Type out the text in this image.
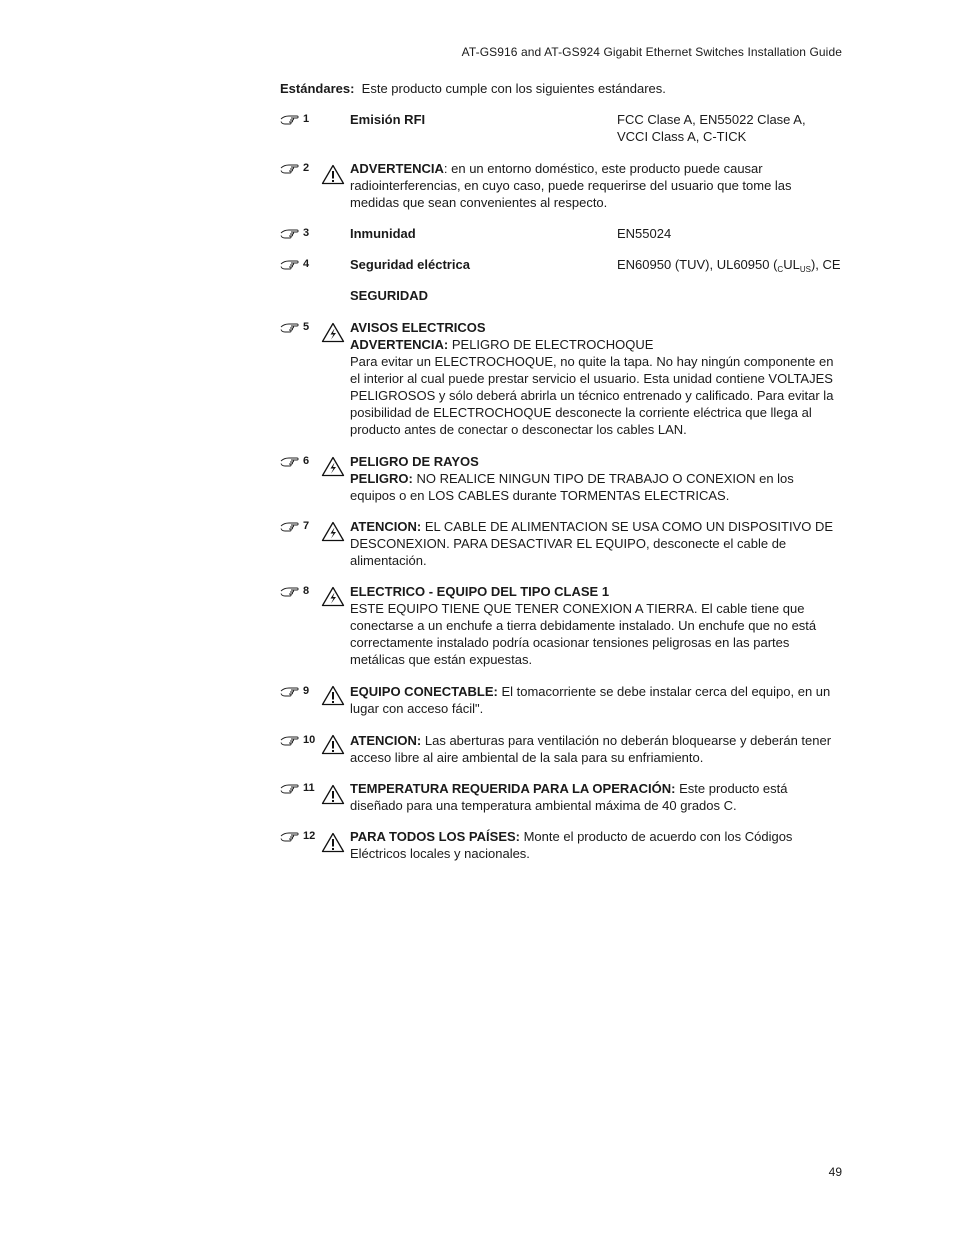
AT-GS916 and AT-GS924 Gigabit Ethernet Switches Installation Guide
Estándares: Este producto cumple con los siguientes estándares.
1	Emisión RFI	FCC Clase A, EN55022 Clase A,
VCCI Class A, C-TICK
2	ADVERTENCIA: en un entorno doméstico, este producto puede causar radiointerferencias, en cuyo caso, puede requerirse del usuario que tome las medidas que sean convenientes al respecto.
3	Inmunidad	EN55024
4	Seguridad eléctrica	EN60950 (TUV), UL60950 $(_CUL_{US})$, CE
SEGURIDAD
5	AVISOS ELECTRICOS
ADVERTENCIA: PELIGRO DE ELECTROCHOQUE
Para evitar un ELECTROCHOQUE, no quite la tapa. No hay ningún componente en el interior al cual puede prestar servicio el usuario. Esta unidad contiene VOLTAJES PELIGROSOS y sólo deberá abrirla un técnico entrenado y calificado. Para evitar la posibilidad de ELECTROCHOQUE desconecte la corriente eléctrica que llega al producto antes de conectar o desconectar los cables LAN.
6	PELIGRO DE RAYOS
PELIGRO: NO REALICE NINGUN TIPO DE TRABAJO O CONEXION en los equipos o en LOS CABLES durante TORMENTAS ELECTRICAS.
7	ATENCION: EL CABLE DE ALIMENTACION SE USA COMO UN DISPOSITIVO DE DESCONEXION. PARA DESACTIVAR EL EQUIPO, desconecte el cable de alimentación.
8	ELECTRICO - EQUIPO DEL TIPO CLASE 1
ESTE EQUIPO TIENE QUE TENER CONEXION A TIERRA. El cable tiene que conectarse a un enchufe a tierra debidamente instalado. Un enchufe que no está correctamente instalado podría ocasionar tensiones peligrosas en las partes metálicas que están expuestas.
9	EQUIPO CONECTABLE: El tomacorriente se debe instalar cerca del equipo, en un lugar con acceso fácil".
10	ATENCION: Las aberturas para ventilación no deberán bloquearse y deberán tener acceso libre al aire ambiental de la sala para su enfriamiento.
11	TEMPERATURA REQUERIDA PARA LA OPERACIÓN: Este producto está diseñado para una temperatura ambiental máxima de 40 grados C.
12	PARA TODOS LOS PAÍSES: Monte el producto de acuerdo con los Códigos Eléctricos locales y nacionales.
49
